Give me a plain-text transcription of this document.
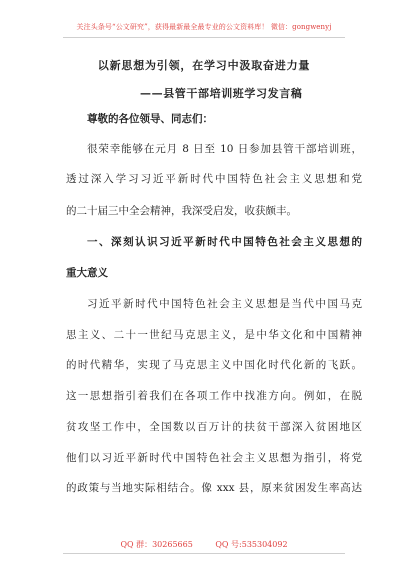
关注头条号“公文研究”，获得最新最全最专业的公文资料库！ 微信：gongwenyj
以新思想为引领，在学习中汲取奋进力量
——县管干部培训班学习发言稿
尊敬的各位领导、同志们：
很荣幸能够在元月 8 日至 10 日参加县管干部培训班，
透过深入学习习近平新时代中国特色社会主义思想和党
的二十届三中全会精神，我深受启发，收获颇丰。
一、深刻认识习近平新时代中国特色社会主义思想的
重大意义
习近平新时代中国特色社会主义思想是当代中国马克
思主义、二十一世纪马克思主义，是中华文化和中国精神
的时代精华，实现了马克思主义中国化时代化新的飞跃。
这一思想指引着我们在各项工作中找准方向。例如，在脱
贫攻坚工作中，全国数以百万计的扶贫干部深入贫困地区
他们以习近平新时代中国特色社会主义思想为指引，将党
的政策与当地实际相结合。像 xxx 县，原来贫困发生率高达
QQ 群：30265665	QQ 号:535304092
